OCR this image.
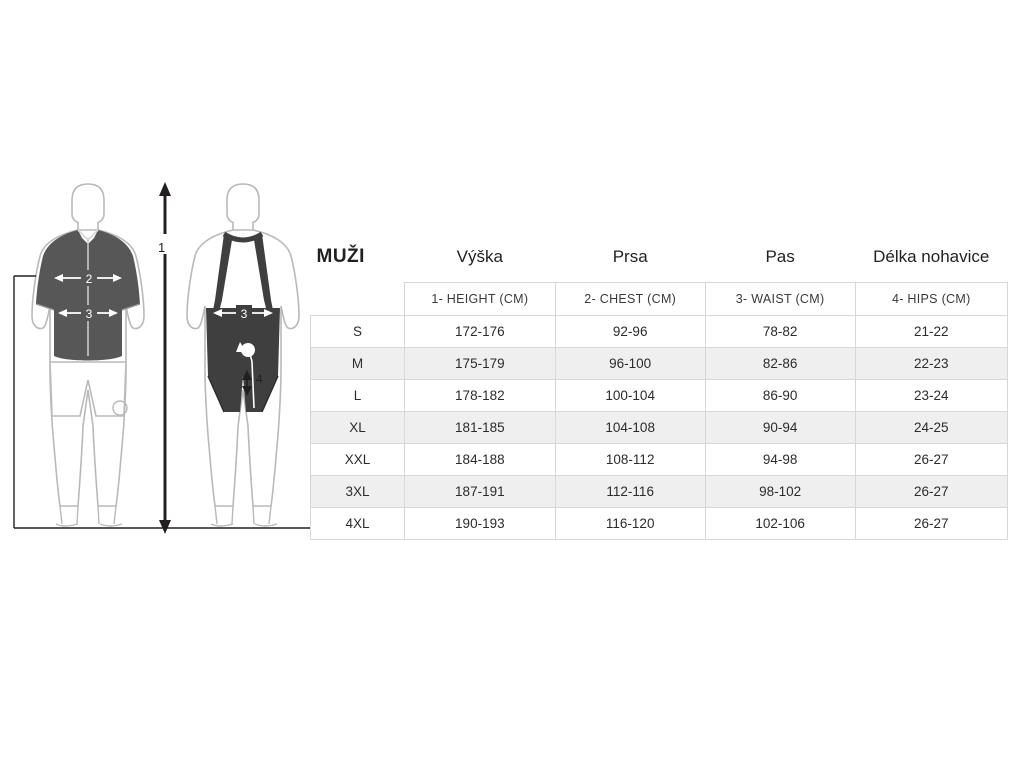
2
3
1
4
3
MUŽI	Výška	Prsa	Pas	Délka nohavice
	1- HEIGHT (CM)	2- CHEST (CM)	3- WAIST (CM)	4- HIPS (CM)
S	172-176	92-96	78-82	21-22
M	175-179	96-100	82-86	22-23
L	178-182	100-104	86-90	23-24
XL	181-185	104-108	90-94	24-25
XXL	184-188	108-112	94-98	26-27
3XL	187-191	112-116	98-102	26-27
4XL	190-193	116-120	102-106	26-27
